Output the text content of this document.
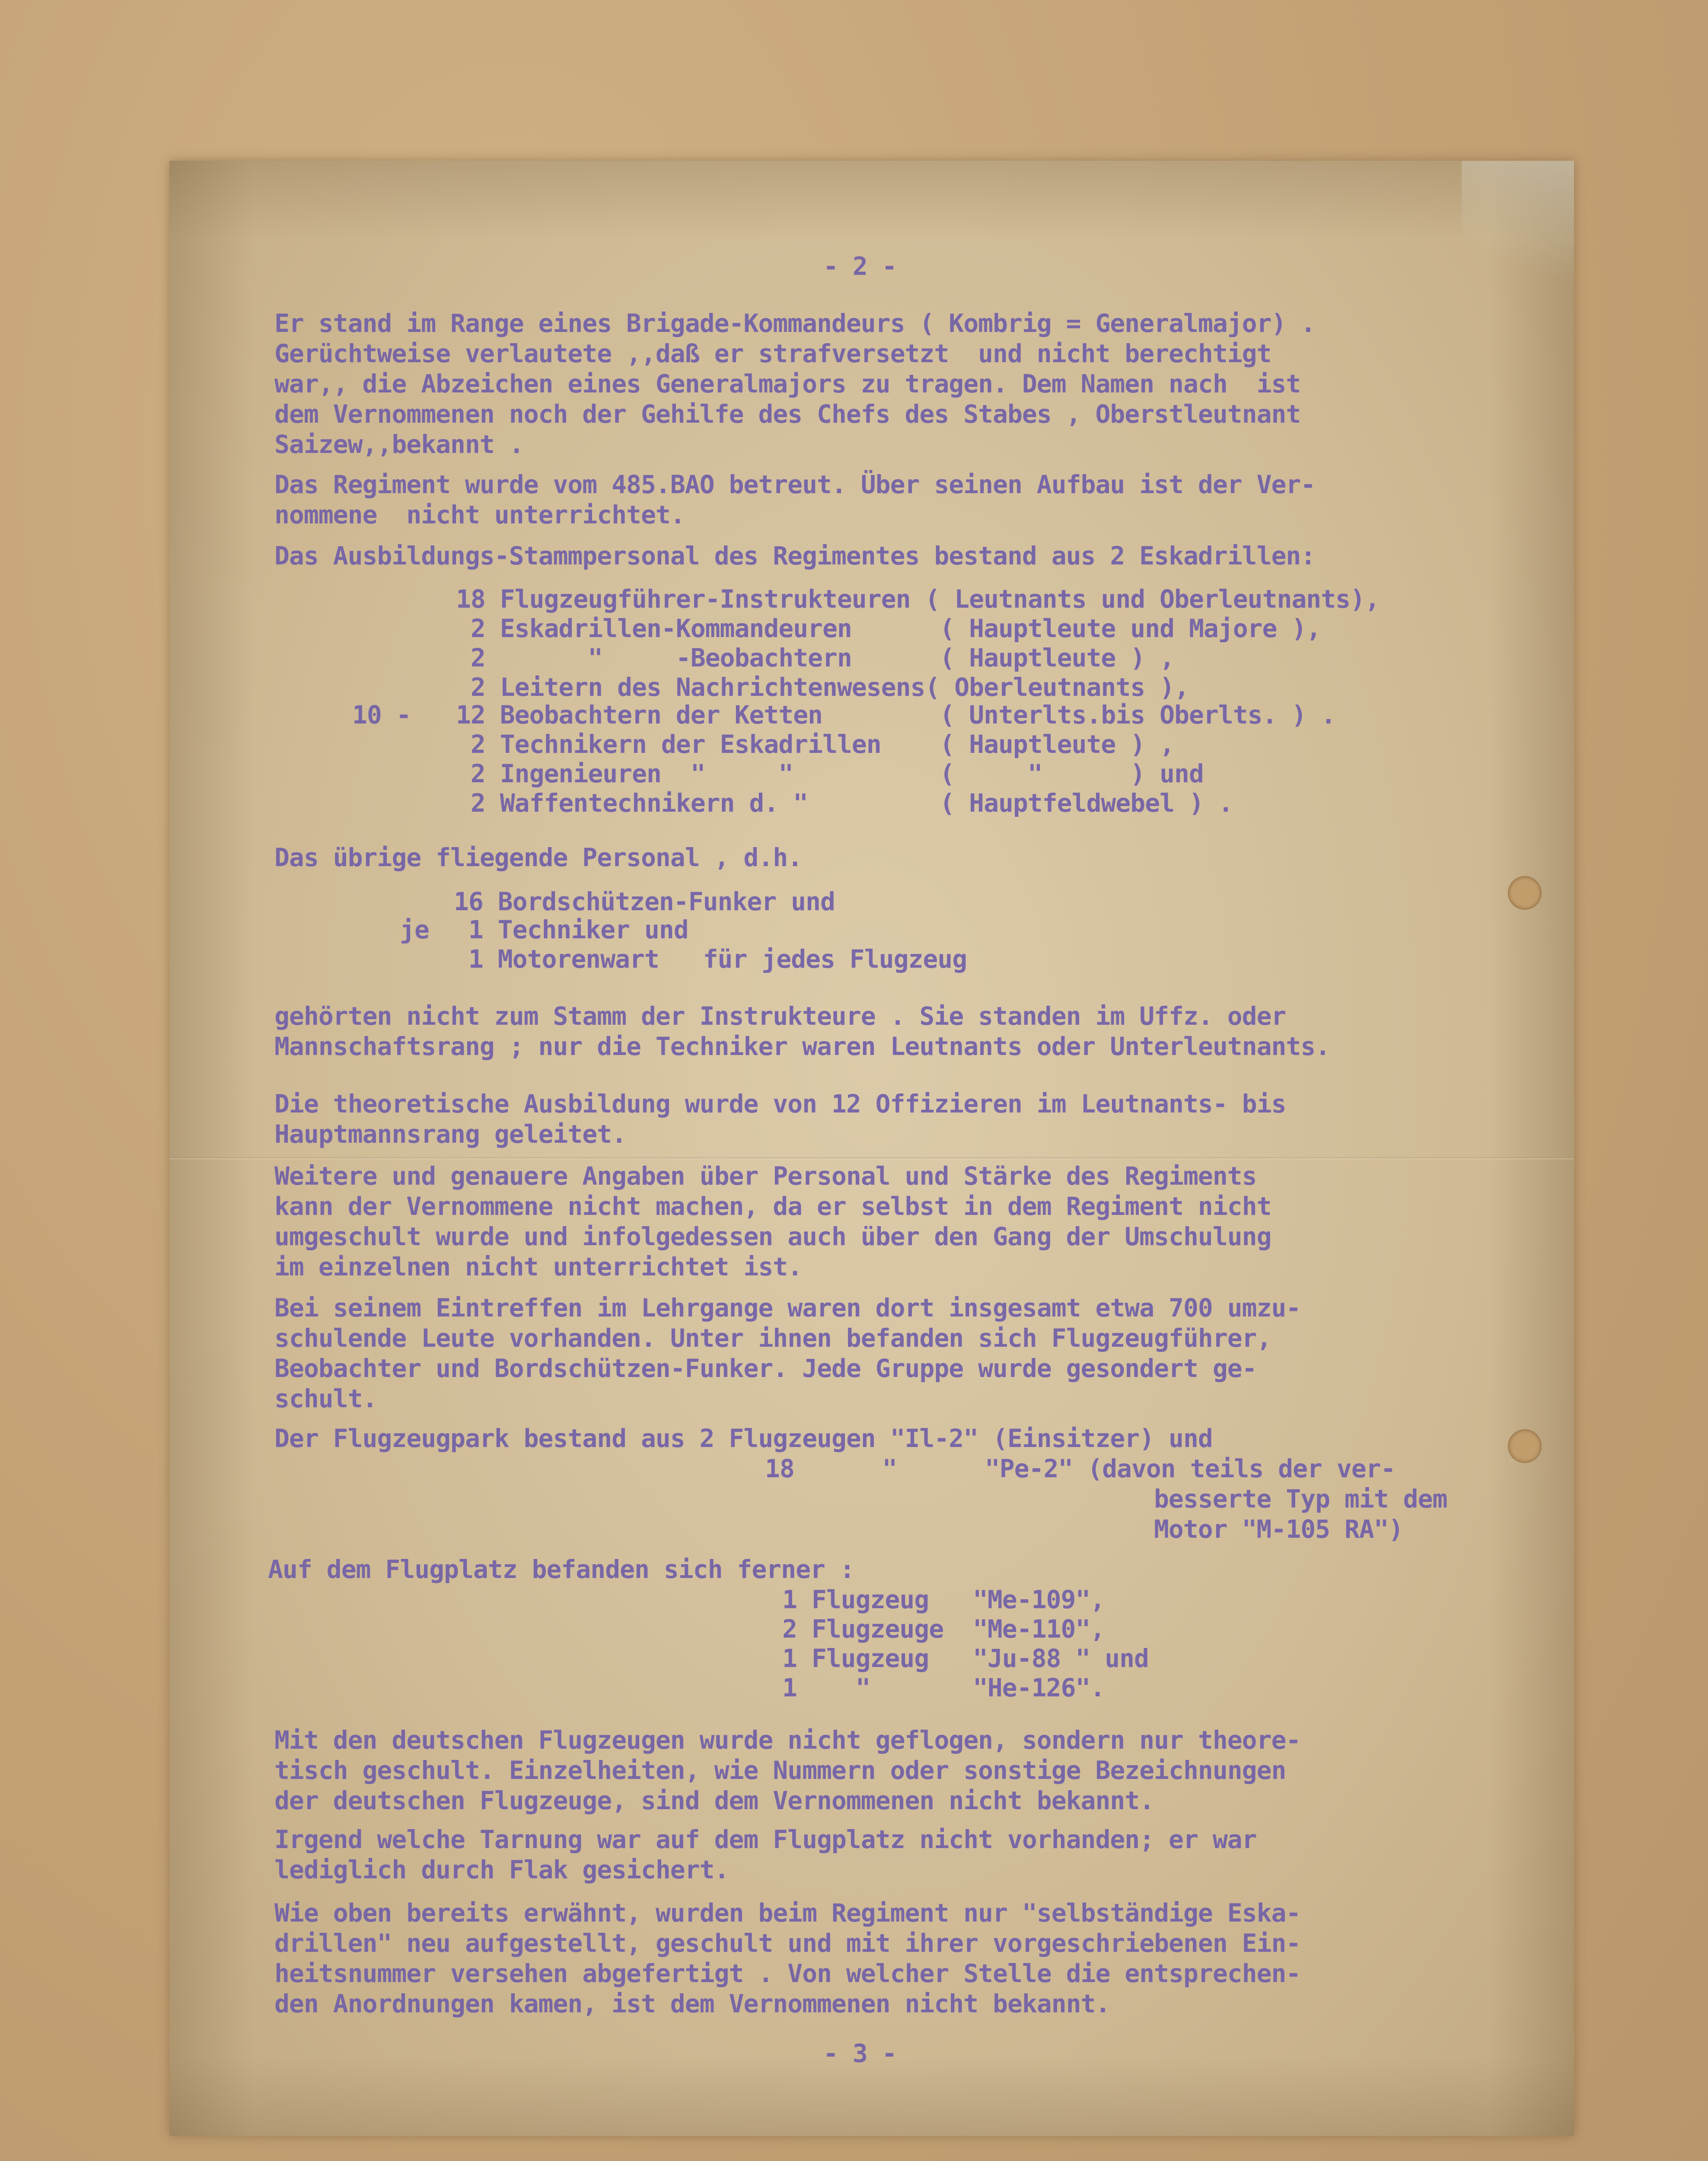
- 2 -

Er stand im Range eines Brigade-Kommandeurs ( Kombrig = Generalmajor) .

Gerüchtweise verlautete ,,daß er strafversetzt  und nicht berechtigt

war,, die Abzeichen eines Generalmajors zu tragen. Dem Namen nach  ist

dem Vernommenen noch der Gehilfe des Chefs des Stabes , Oberstleutnant

Saizew,,bekannt .

Das Regiment wurde vom 485.BAO betreut. Über seinen Aufbau ist der Ver-

nommene  nicht unterrichtet.

Das Ausbildungs-Stammpersonal des Regimentes bestand aus 2 Eskadrillen:

18 Flugzeugführer-Instrukteuren ( Leutnants und Oberleutnants),

2 Eskadrillen-Kommandeuren      ( Hauptleute und Majore ),

2       "     -Beobachtern      ( Hauptleute ) ,

2 Leitern des Nachrichtenwesens( Oberleutnants ),

10 - 12 Beobachtern der Ketten        ( Unterlts.bis Oberlts. ) .

2 Technikern der Eskadrillen    ( Hauptleute ) ,

2 Ingenieuren  "     "          (     "      ) und

2 Waffentechnikern d. "         ( Hauptfeldwebel ) .

Das übrige fliegende Personal , d.h.

16 Bordschützen-Funker und

je 1 Techniker und

1 Motorenwart   für jedes Flugzeug

gehörten nicht zum Stamm der Instrukteure . Sie standen im Uffz. oder

Mannschaftsrang ; nur die Techniker waren Leutnants oder Unterleutnants.

Die theoretische Ausbildung wurde von 12 Offizieren im Leutnants- bis

Hauptmannsrang geleitet.

Weitere und genauere Angaben über Personal und Stärke des Regiments

kann der Vernommene nicht machen, da er selbst in dem Regiment nicht

umgeschult wurde und infolgedessen auch über den Gang der Umschulung

im einzelnen nicht unterrichtet ist.

Bei seinem Eintreffen im Lehrgange waren dort insgesamt etwa 700 umzu-

schulende Leute vorhanden. Unter ihnen befanden sich Flugzeugführer,

Beobachter und Bordschützen-Funker. Jede Gruppe wurde gesondert ge-

schult.

Der Flugzeugpark bestand aus 2 Flugzeugen "Il-2" (Einsitzer) und

18      "      "Pe-2" (davon teils der ver-

besserte Typ mit dem

Motor "M-105 RA")

Auf dem Flugplatz befanden sich ferner :

1 Flugzeug   "Me-109",

2 Flugzeuge  "Me-110",

1 Flugzeug   "Ju-88 " und

1    "       "He-126".

Mit den deutschen Flugzeugen wurde nicht geflogen, sondern nur theore-

tisch geschult. Einzelheiten, wie Nummern oder sonstige Bezeichnungen

der deutschen Flugzeuge, sind dem Vernommenen nicht bekannt.

Irgend welche Tarnung war auf dem Flugplatz nicht vorhanden; er war

lediglich durch Flak gesichert.

Wie oben bereits erwähnt, wurden beim Regiment nur "selbständige Eska-

drillen" neu aufgestellt, geschult und mit ihrer vorgeschriebenen Ein-

heitsnummer versehen abgefertigt . Von welcher Stelle die entsprechen-

den Anordnungen kamen, ist dem Vernommenen nicht bekannt.

- 3 -
